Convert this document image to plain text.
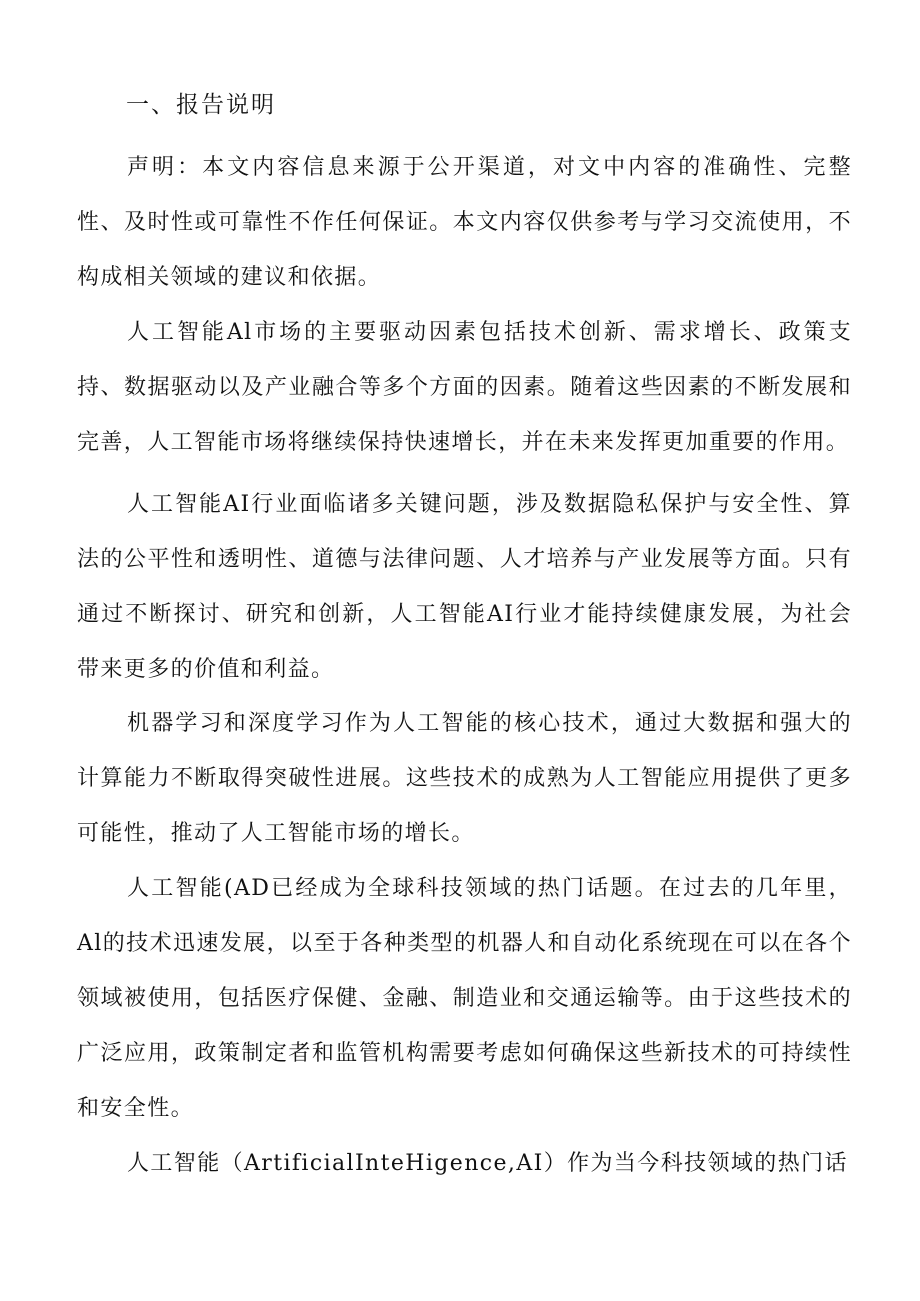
一、报告说明

声明：本文内容信息来源于公开渠道，对文中内容的准确性、完整性、及时性或可靠性不作任何保证。本文内容仅供参考与学习交流使用，不构成相关领域的建议和依据。

人工智能Al市场的主要驱动因素包括技术创新、需求增长、政策支持、数据驱动以及产业融合等多个方面的因素。随着这些因素的不断发展和完善，人工智能市场将继续保持快速增长，并在未来发挥更加重要的作用。

人工智能AI行业面临诸多关键问题，涉及数据隐私保护与安全性、算法的公平性和透明性、道德与法律问题、人才培养与产业发展等方面。只有通过不断探讨、研究和创新，人工智能AI行业才能持续健康发展，为社会带来更多的价值和利益。

机器学习和深度学习作为人工智能的核心技术，通过大数据和强大的计算能力不断取得突破性进展。这些技术的成熟为人工智能应用提供了更多可能性，推动了人工智能市场的增长。

人工智能(AD已经成为全球科技领域的热门话题。在过去的几年里，Al的技术迅速发展，以至于各种类型的机器人和自动化系统现在可以在各个领域被使用，包括医疗保健、金融、制造业和交通运输等。由于这些技术的广泛应用，政策制定者和监管机构需要考虑如何确保这些新技术的可持续性和安全性。

人工智能（ArtificialInteHigence,AI）作为当今科技领域的热门话
